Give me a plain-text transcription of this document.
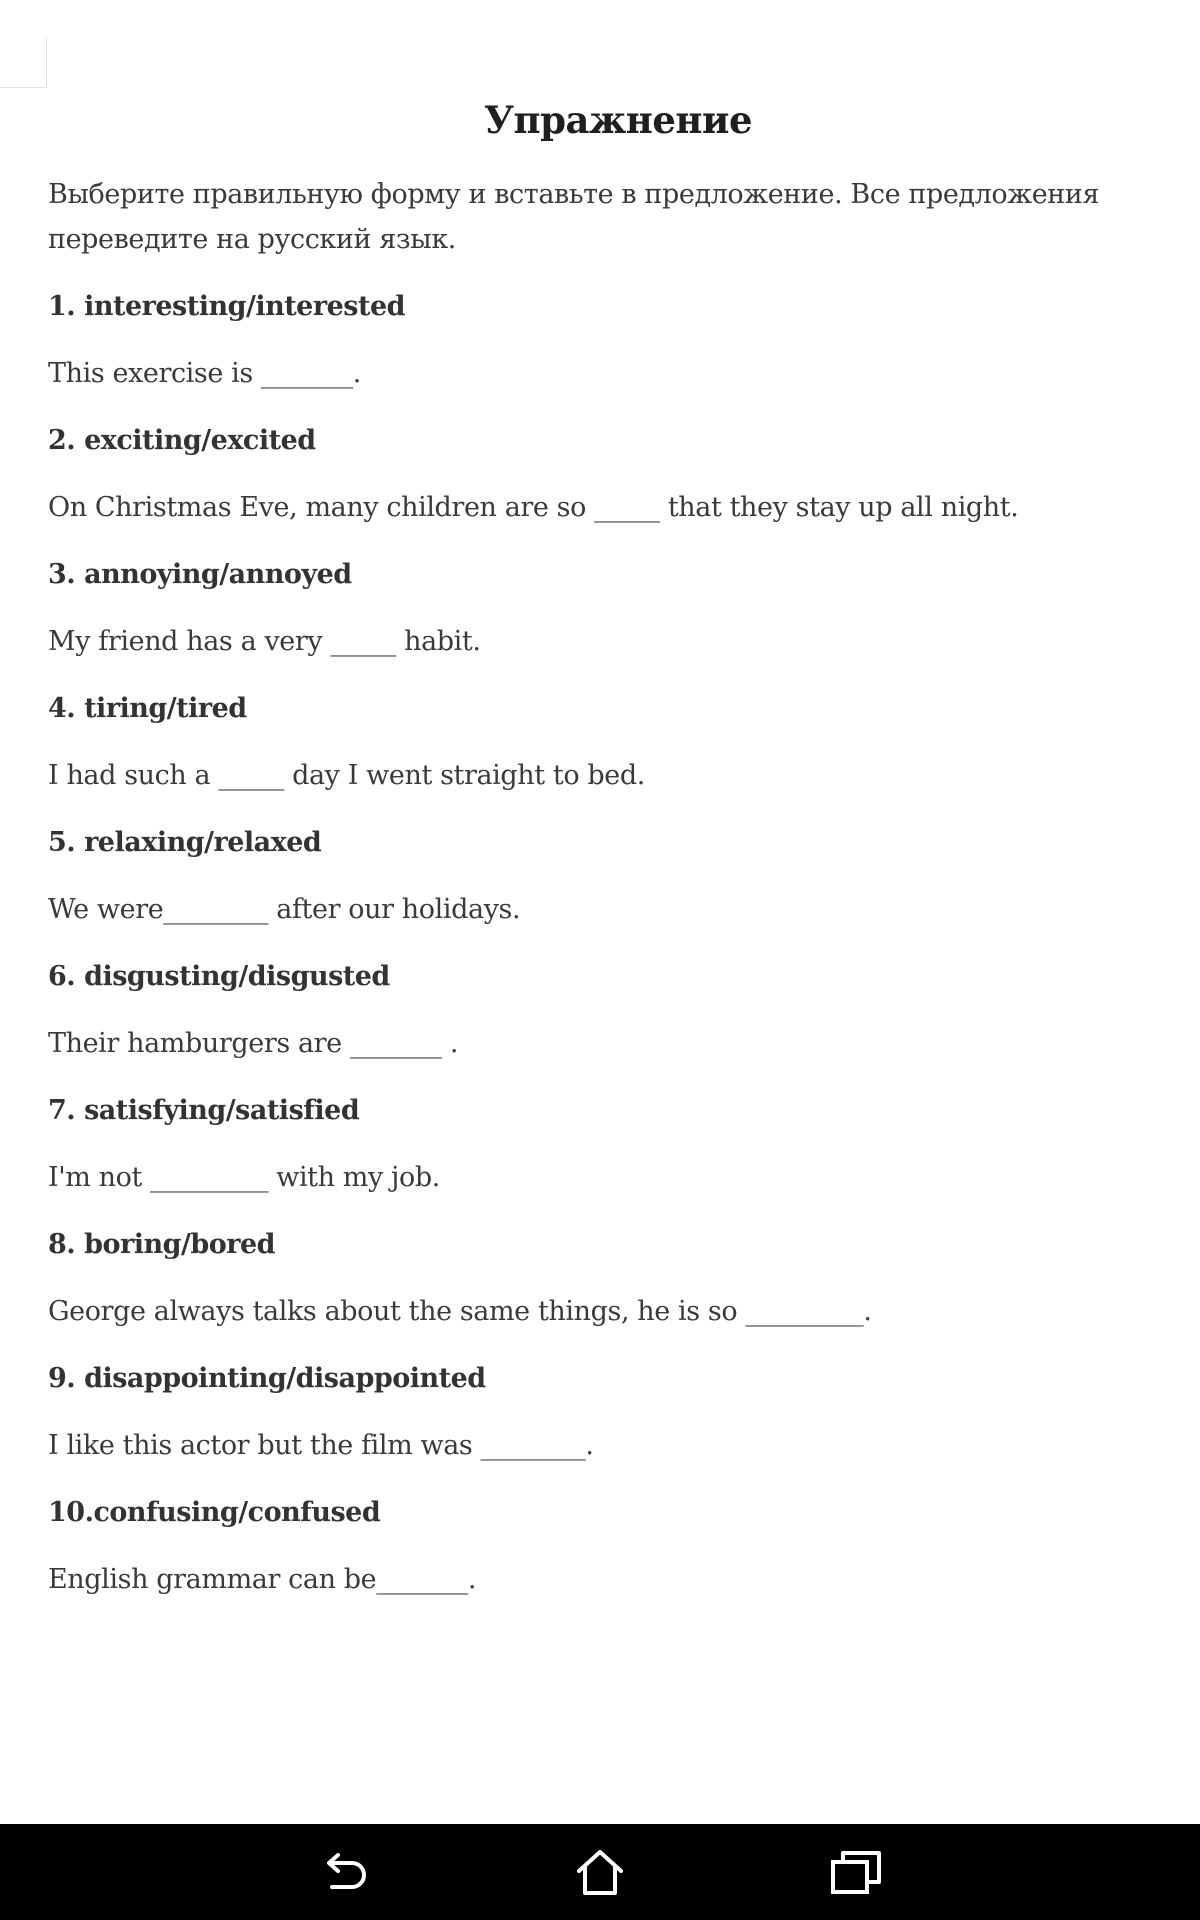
Упражнение
Выберите правильную форму и вставьте в предложение. Все предложения переведите на русский язык.
1. interesting/interested
This exercise is _______.
2. exciting/excited
On Christmas Eve, many children are so _____ that they stay up all night.
3. annoying/annoyed
My friend has a very _____ habit.
4. tiring/tired
I had such a _____ day I went straight to bed.
5. relaxing/relaxed
We were________ after our holidays.
6. disgusting/disgusted
Their hamburgers are _______ .
7. satisfying/satisfied
I'm not _________ with my job.
8. boring/bored
George always talks about the same things, he is so _________.
9. disappointing/disappointed
I like this actor but the film was ________.
10.confusing/confused
English grammar can be_______.
